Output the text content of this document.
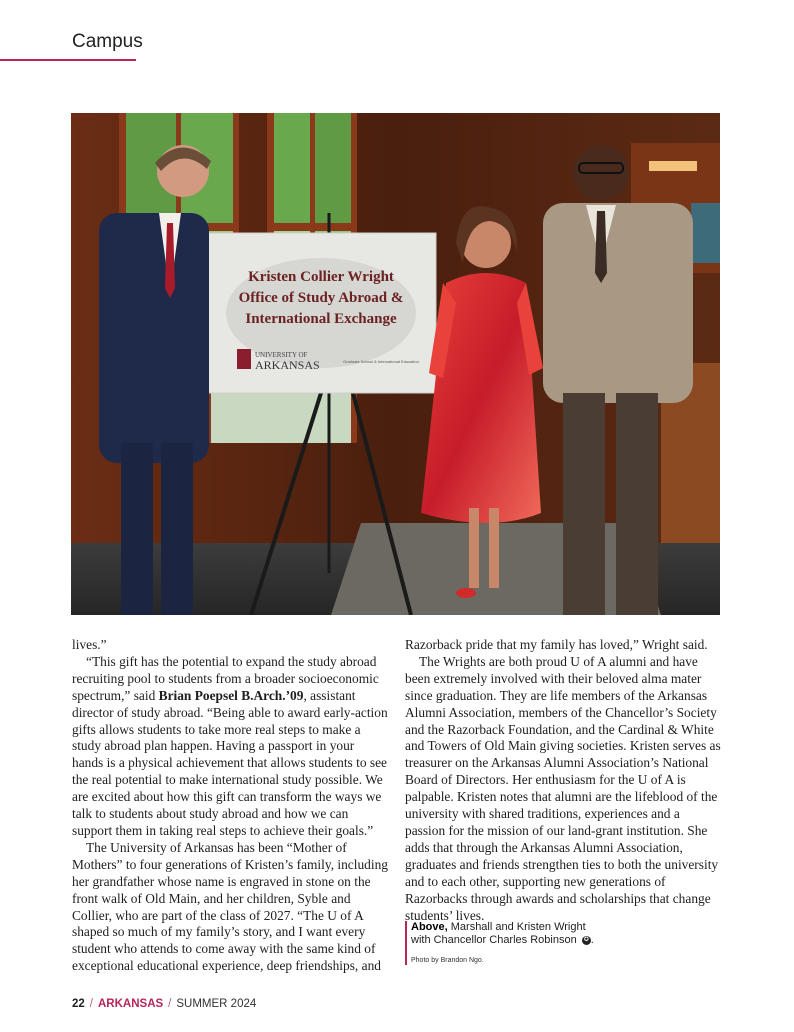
Campus
Kristen Collier Wright
Office of Study Abroad &
International Exchange
UNIVERSITY OF
ARKANSAS	Graduate School & International Education

lives.”

“This gift has the potential to expand the study abroad recruiting pool to students from a broader socioeconomic spectrum,” said Brian Poepsel B.Arch.’09, assistant director of study abroad. “Being able to award early-action gifts allows students to take more real steps to make a study abroad plan happen. Having a passport in your hands is a physical achievement that allows students to see the real potential to make international study possible. We are excited about how this gift can transform the ways we talk to students about study abroad and how we can support them in taking real steps to achieve their goals.”

The University of Arkansas has been “Mother of Mothers” to four generations of Kristen’s family, including her grandfather whose name is engraved in stone on the front walk of Old Main, and her children, Syble and Collier, who are part of the class of 2027. “The U of A shaped so much of my family’s story, and I want every student who attends to come away with the same kind of exceptional educational experience, deep friendships, and

Razorback pride that my family has loved,” Wright said.

The Wrights are both proud U of A alumni and have been extremely involved with their beloved alma mater since graduation. They are life members of the Arkansas Alumni Association, members of the Chancellor’s Society and the Razorback Foundation, and the Cardinal & White and Towers of Old Main giving societies. Kristen serves as treasurer on the Arkansas Alumni Association’s National Board of Directors. Her enthusiasm for the U of A is palpable. Kristen notes that alumni are the lifeblood of the university with shared traditions, experiences and a passion for the mission of our land-grant institution. She adds that through the Arkansas Alumni Association, graduates and friends strengthen ties to both the university and to each other, supporting new generations of Razorbacks through awards and scholarships that change students’ lives.

Above, Marshall and Kristen Wright
with Chancellor Charles Robinson ✪ .
Photo by Brandon Ngo.
22 / ARKANSAS / SUMMER 2024
